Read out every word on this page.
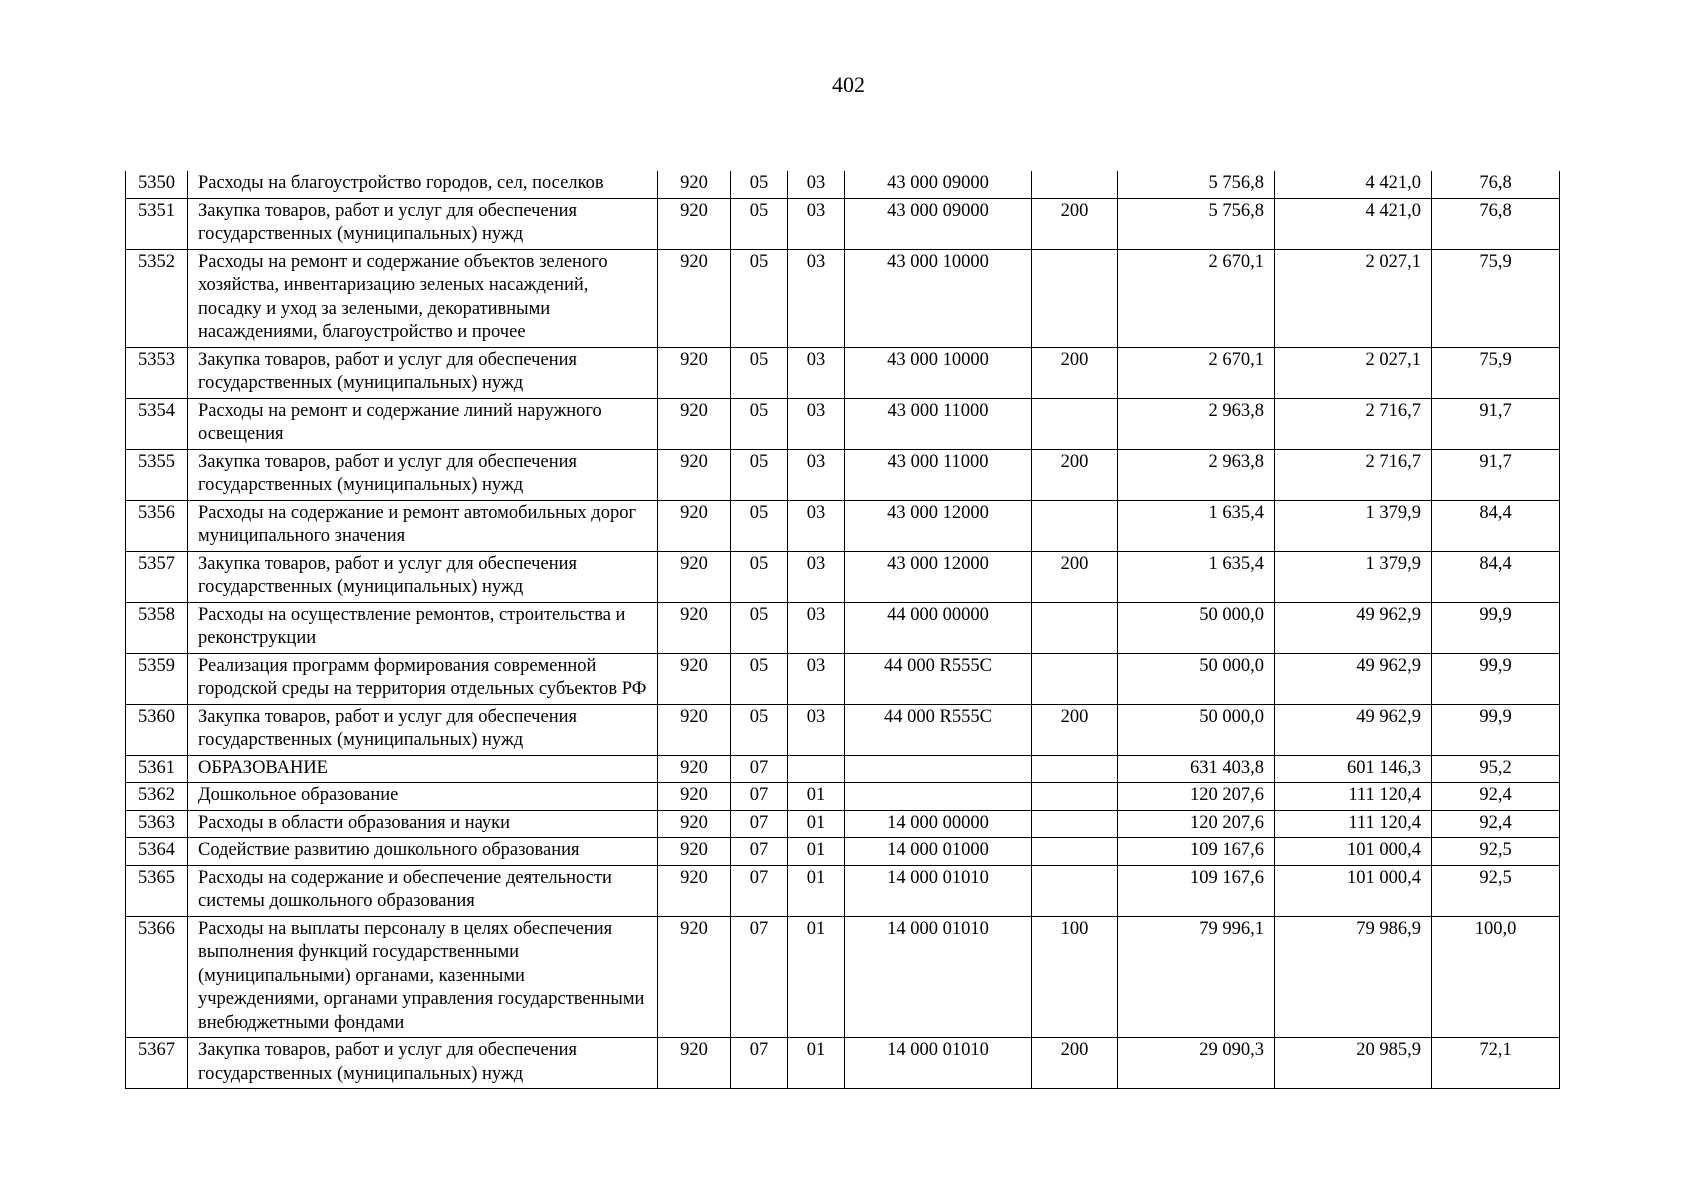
402
5350	Расходы на благоустройство городов, сел, поселков	920	05	03	43 000 09000		5 756,8	4 421,0	76,8
5351	Закупка товаров, работ и услуг для обеспечения государственных (муниципальных) нужд	920	05	03	43 000 09000	200	5 756,8	4 421,0	76,8
5352	Расходы на ремонт и содержание объектов зеленого хозяйства, инвентаризацию зеленых насаждений, посадку и уход за зелеными, декоративными насаждениями, благоустройство и прочее	920	05	03	43 000 10000		2 670,1	2 027,1	75,9
5353	Закупка товаров, работ и услуг для обеспечения государственных (муниципальных) нужд	920	05	03	43 000 10000	200	2 670,1	2 027,1	75,9
5354	Расходы на ремонт и содержание линий наружного освещения	920	05	03	43 000 11000		2 963,8	2 716,7	91,7
5355	Закупка товаров, работ и услуг для обеспечения государственных (муниципальных) нужд	920	05	03	43 000 11000	200	2 963,8	2 716,7	91,7
5356	Расходы на содержание и ремонт автомобильных дорог муниципального значения	920	05	03	43 000 12000		1 635,4	1 379,9	84,4
5357	Закупка товаров, работ и услуг для обеспечения государственных (муниципальных) нужд	920	05	03	43 000 12000	200	1 635,4	1 379,9	84,4
5358	Расходы на осуществление ремонтов, строительства и реконструкции	920	05	03	44 000 00000		50 000,0	49 962,9	99,9
5359	Реализация программ формирования современной городской среды на территория отдельных субъектов РФ	920	05	03	44 000 R555C		50 000,0	49 962,9	99,9
5360	Закупка товаров, работ и услуг для обеспечения государственных (муниципальных) нужд	920	05	03	44 000 R555C	200	50 000,0	49 962,9	99,9
5361	ОБРАЗОВАНИЕ	920	07				631 403,8	601 146,3	95,2
5362	Дошкольное образование	920	07	01			120 207,6	111 120,4	92,4
5363	Расходы в области образования и науки	920	07	01	14 000 00000		120 207,6	111 120,4	92,4
5364	Содействие развитию дошкольного образования	920	07	01	14 000 01000		109 167,6	101 000,4	92,5
5365	Расходы на содержание и обеспечение деятельности системы дошкольного образования	920	07	01	14 000 01010		109 167,6	101 000,4	92,5
5366	Расходы на выплаты персоналу в целях обеспечения выполнения функций государственными (муниципальными) органами, казенными учреждениями, органами управления государственными внебюджетными фондами	920	07	01	14 000 01010	100	79 996,1	79 986,9	100,0
5367	Закупка товаров, работ и услуг для обеспечения государственных (муниципальных) нужд	920	07	01	14 000 01010	200	29 090,3	20 985,9	72,1
